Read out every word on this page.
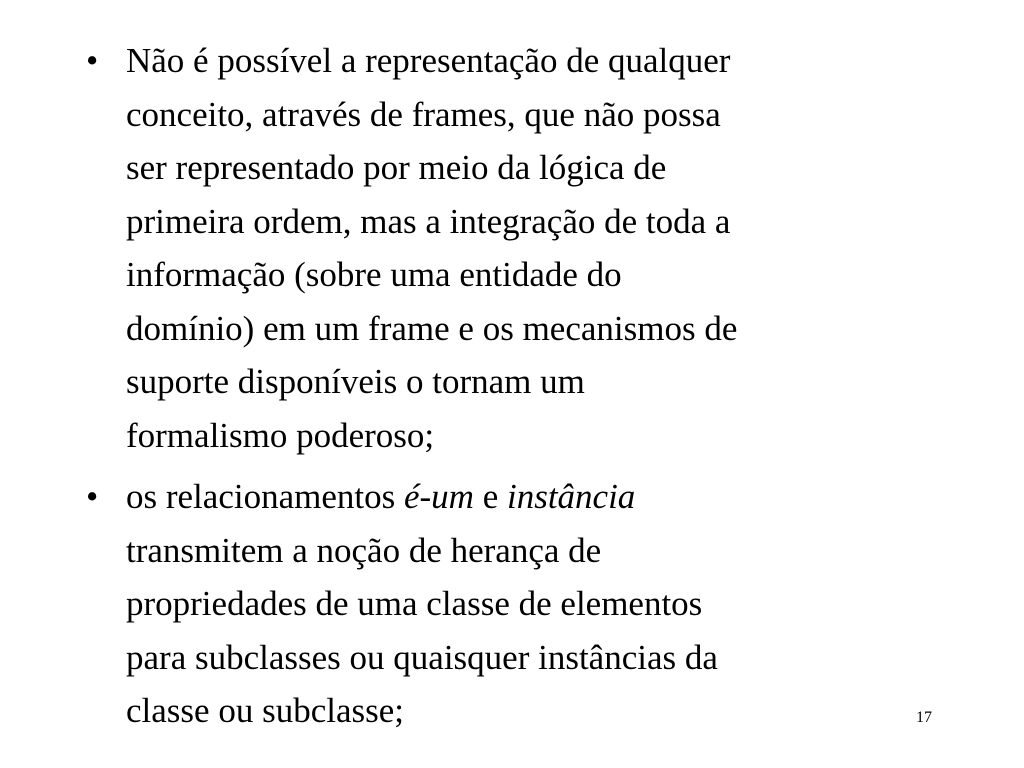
• Não é possível a representação de qualquer
conceito, através de frames, que não possa
ser representado por meio da lógica de
primeira ordem, mas a integração de toda a
informação (sobre uma entidade do
domínio) em um frame e os mecanismos de
suporte disponíveis o tornam um
formalismo poderoso;
• os relacionamentos é-um e instância
transmitem a noção de herança de
propriedades de uma classe de elementos
para subclasses ou quaisquer instâncias da
classe ou subclasse;	17
